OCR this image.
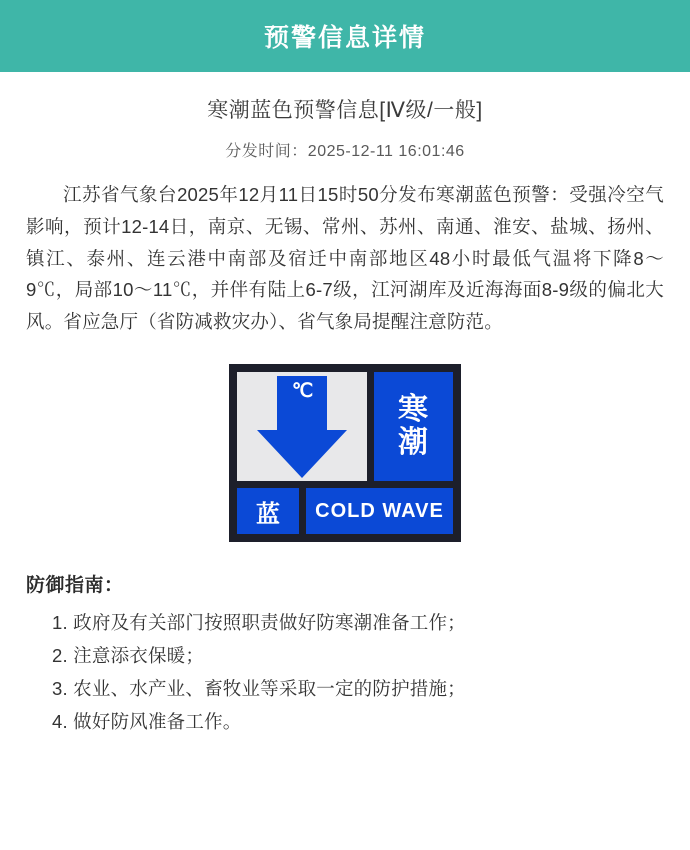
预警信息详情
寒潮蓝色预警信息[Ⅳ级/一般]
分发时间：2025-12-11 16:01:46
江苏省气象台2025年12月11日15时50分发布寒潮蓝色预警：受强冷空气影响，预计12-14日，南京、无锡、常州、苏州、南通、淮安、盐城、扬州、镇江、泰州、连云港中南部及宿迁中南部地区48小时最低气温将下降8～9℃，局部10～11℃，并伴有陆上6-7级，江河湖库及近海海面8-9级的偏北大风。省应急厅（省防减救灾办）、省气象局提醒注意防范。
℃
寒
潮
蓝	COLD WAVE
防御指南：
1. 政府及有关部门按照职责做好防寒潮准备工作；
2. 注意添衣保暖；
3. 农业、水产业、畜牧业等采取一定的防护措施；
4. 做好防风准备工作。
